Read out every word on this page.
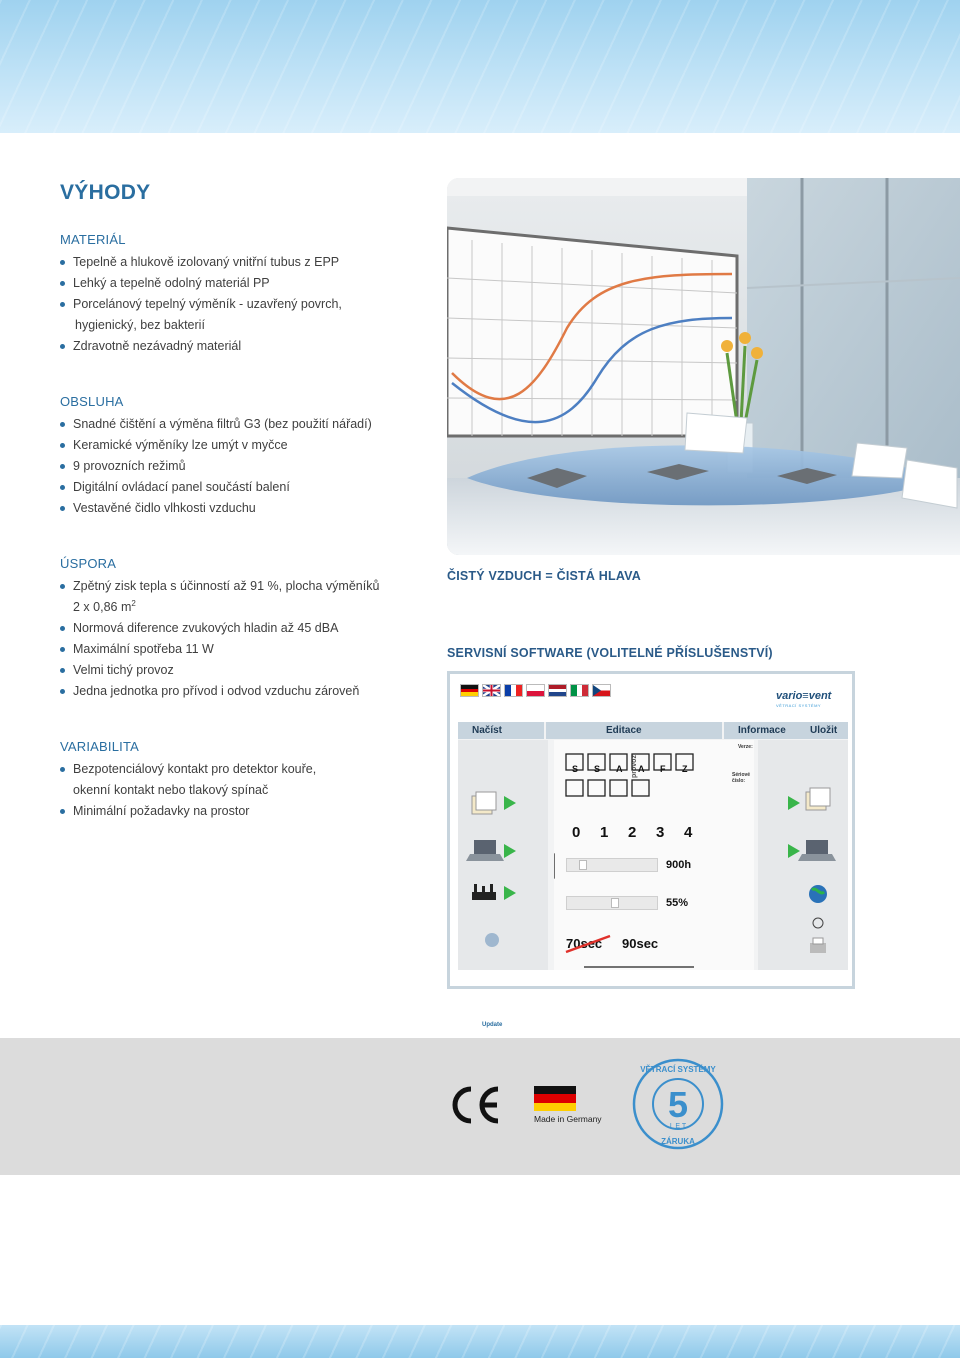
VÝHODY
MATERIÁL
Tepelně a hlukově izolovaný vnitřní tubus z EPP
Lehký a tepelně odolný materiál PP
Porcelánový tepelný výměník - uzavřený povrch,
hygienický, bez bakterií
Zdravotně nezávadný materiál
OBSLUHA
Snadné čištění a výměna filtrů G3 (bez použití nářadí)
Keramické výměníky lze umýt v myčce
9 provozních režimů
Digitální ovládací panel součástí balení
Vestavěné čidlo vlhkosti vzduchu
ÚSPORA
Zpětný zisk tepla s účinností až 91 %, plocha výměníků
2 x 0,86 $m^2$
Normová diference zvukových hladin až 45 dBA
Maximální spotřeba 11 W
Velmi tichý provoz
Jedna jednotka pro přívod i odvod vzduchu zároveň
VARIABILITA
Bezpotenciálový kontakt pro detektor kouře,
okenní kontakt nebo tlakový spínač
Minimální požadavky na prostor
ČISTÝ VZDUCH = ČISTÁ HLAVA
SERVISNÍ SOFTWARE (VOLITELNÉ PŘÍSLUŠENSTVÍ)
vario≡vent
VĚTRACÍ SYSTÉMY
Načíst	Editace	Informace	Uložit
Update
provoz
Verze:
Sériové číslo:
S S A A F Z
0 1 2 3 4
900h
55%
70sec 90sec
5
VĚTRACÍ SYSTÉMY
L E T
ZÁRUKA
Made in Germany
